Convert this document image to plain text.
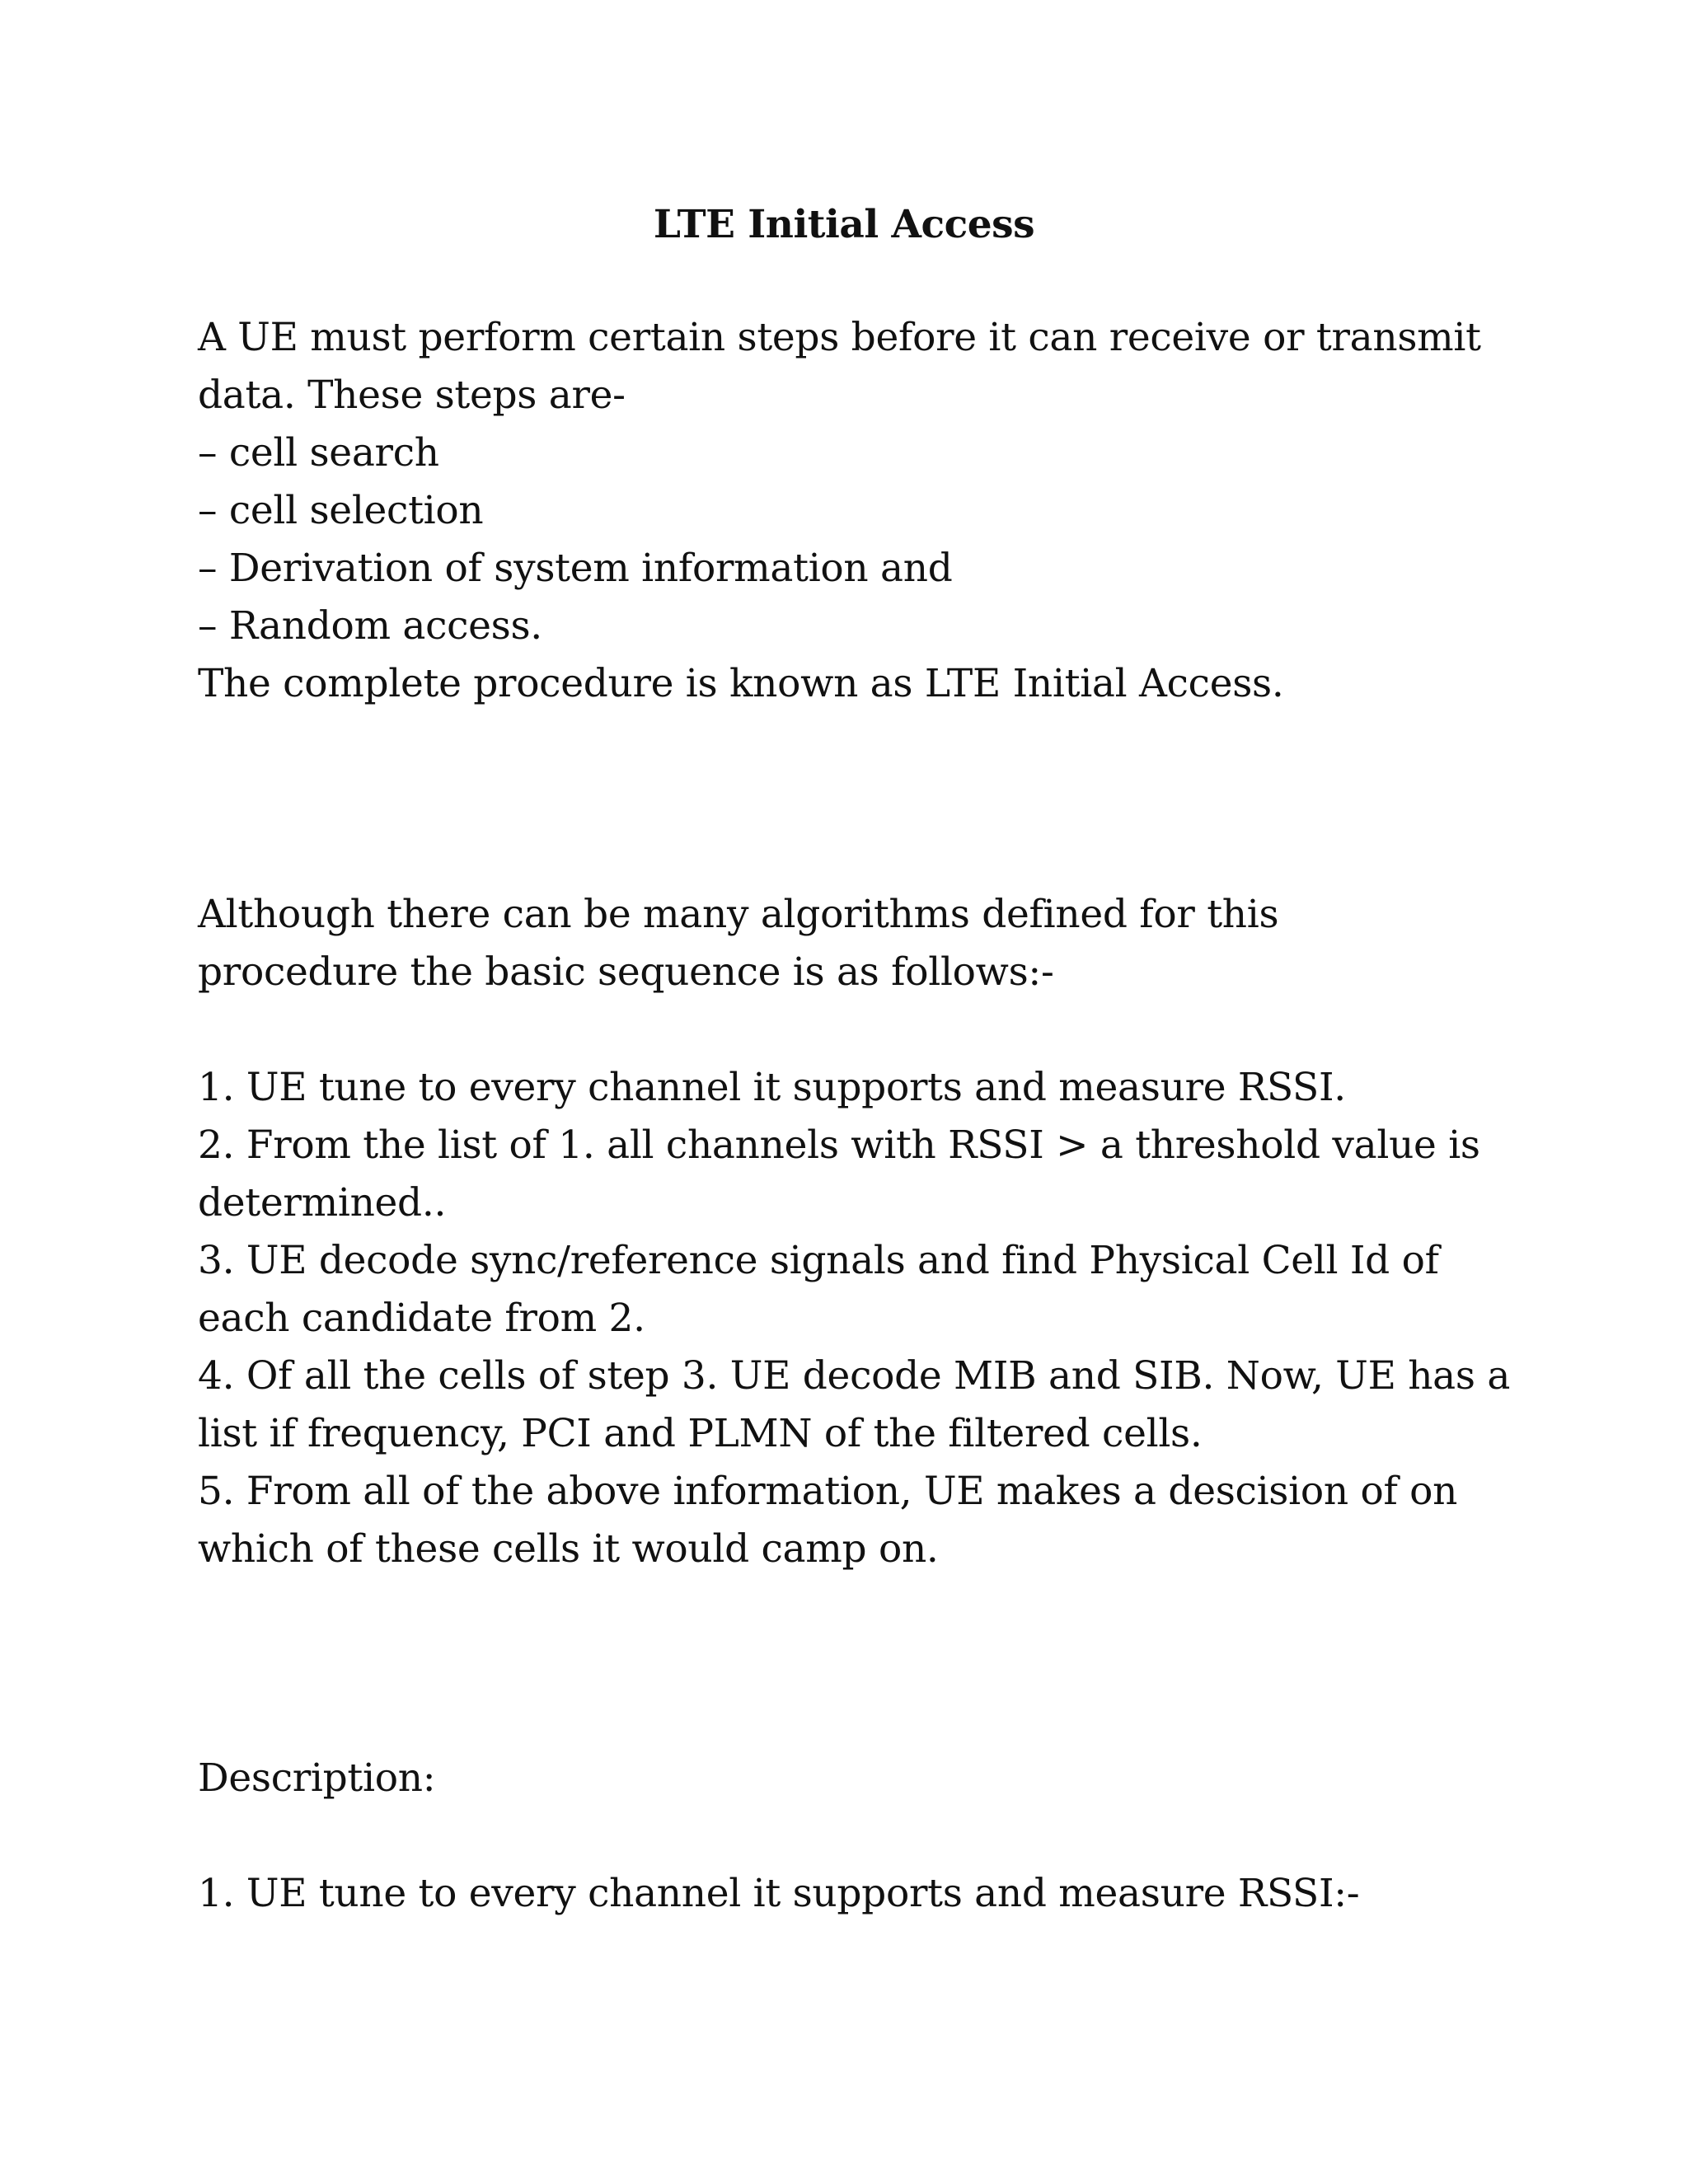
LTE Initial Access
A UE must perform certain steps before it can receive or transmit
data. These steps are-
– cell search
– cell selection
– Derivation of system information and
– Random access.
The complete procedure is known as LTE Initial Access.
Although there can be many algorithms defined for this
procedure the basic sequence is as follows:-
1. UE tune to every channel it supports and measure RSSI.
2. From the list of 1. all channels with RSSI > a threshold value is
determined..
3. UE decode sync/reference signals and find Physical Cell Id of
each candidate from 2.
4. Of all the cells of step 3. UE decode MIB and SIB. Now, UE has a
list if frequency, PCI and PLMN of the filtered cells.
5. From all of the above information, UE makes a descision of on
which of these cells it would camp on.
Description:
1. UE tune to every channel it supports and measure RSSI:-
